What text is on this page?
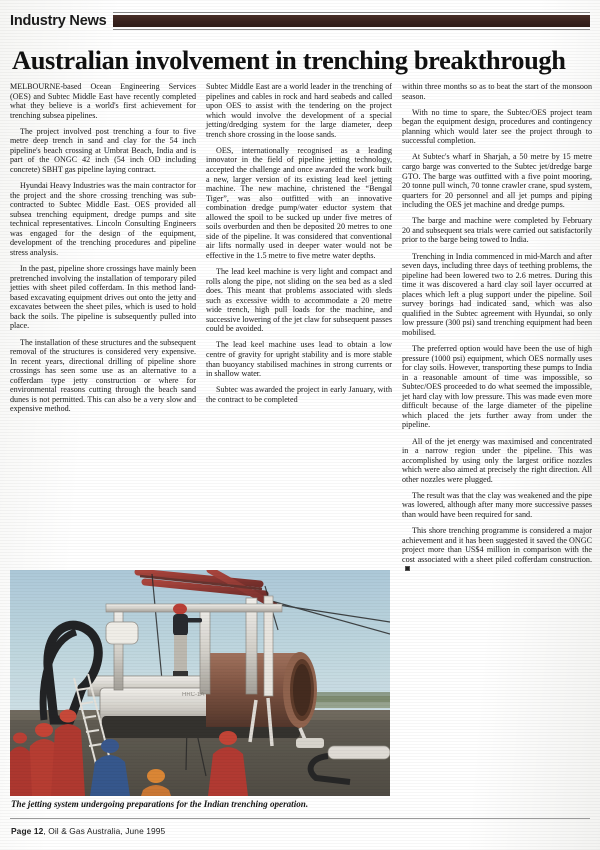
Industry News
Australian involvement in trenching breakthrough

MELBOURNE-based Ocean Engineering Services (OES) and Subtec Middle East have recently completed what they believe is a world's first achievement for trenching subsea pipelines.

The project involved post trenching a four to five metre deep trench in sand and clay for the 54 inch pipeline's beach crossing at Umbrat Beach, India and is part of the ONGC 42 inch (54 inch OD including concrete) SBHT gas pipeline laying contract.

Hyundai Heavy Industries was the main contractor for the project and the shore crossing trenching was sub-contracted to Subtec Middle East. OES provided all subsea trenching equipment, dredge pumps and site technical representatives. Lincoln Consulting Engineers was engaged for the design of the equipment, development of the trenching procedures and pipeline stress analysis.

In the past, pipeline shore crossings have mainly been pretrenched involving the installation of temporary piled jetties with sheet piled cofferdam. In this method land-based excavating equipment drives out onto the jetty and excavates between the sheet piles, which is used to hold back the soils. The pipeline is subsequently pulled into place.

The installation of these structures and the subsequent removal of the structures is considered very expensive. In recent years, directional drilling of pipeline shore crossings has seen some use as an alternative to a cofferdam type jetty construction or where for environmental reasons cutting through the beach sand dunes is not permitted. This can also be a very slow and expensive method.

Subtec Middle East are a world leader in the trenching of pipelines and cables in rock and hard seabeds and called upon OES to assist with the tendering on the project which would involve the development of a special jetting/dredging system for the large diameter, deep trench shore crossing in the loose sands.

OES, internationally recognised as a leading innovator in the field of pipeline jetting technology, accepted the challenge and once awarded the work built a new, larger version of its existing lead keel jetting machine. The new machine, christened the “Bengal Tiger”, was also outfitted with an innovative combination dredge pump/water eductor system that allowed the spoil to be sucked up under five metres of soils overburden and then be deposited 20 metres to one side of the pipeline. It was considered that conventional air lifts normally used in deeper water would not be effective in the 1.5 metre to five metre water depths.

The lead keel machine is very light and compact and rolls along the pipe, not sliding on the sea bed as a sled does. This meant that problems associated with sleds such as excessive width to accommodate a 20 metre wide trench, high pull loads for the machine, and successive lowering of the jet claw for subsequent passes could be avoided.

The lead keel machine uses lead to obtain a low centre of gravity for upright stability and is more stable than buoyancy stabilised machines in strong currents or in shallow water.

Subtec was awarded the project in early January, with the contract to be completed

within three months so as to beat the start of the monsoon season.

With no time to spare, the Subtec/OES project team began the equipment design, procedures and contingency planning which would later see the project through to successful completion.

At Subtec's wharf in Sharjah, a 50 metre by 15 metre cargo barge was converted to the Subtec jet/dredge barge GTO. The barge was outfitted with a five point mooring, 20 tonne pull winch, 70 tonne crawler crane, spud system, quarters for 20 personnel and all jet pumps and piping including the OES jet machine and dredge pumps.

The barge and machine were completed by February 20 and subsequent sea trials were carried out satisfactorily prior to the barge being towed to India.

Trenching in India commenced in mid-March and after seven days, including three days of teething problems, the pipeline had been lowered two to 2.6 metres. During this time it was discovered a hard clay soil layer occurred at places which left a plug support under the pipeline. Soil survey borings had indicated sand, which was also qualified in the Subtec agreement with Hyundai, so only low pressure (300 psi) sand trenching equipment had been mobilised.

The preferred option would have been the use of high pressure (1000 psi) equipment, which OES normally uses for clay soils. However, transporting these pumps to India in a reasonable amount of time was impossible, so Subtec/OES proceeded to do what seemed the impossible, jet hard clay with low pressure. This was made even more difficult because of the large diameter of the pipeline which placed the jets further away from under the pipeline.

All of the jet energy was maximised and concentrated in a narrow region under the pipeline. This was accomplished by using only the largest orifice nozzles which were also aimed at precisely the right direction. All other nozzles were plugged.

The result was that the clay was weakened and the pipe was lowered, although after many more successive passes than would have been required for sand.

This shore trenching programme is considered a major achievement and it has been suggested it saved the ONGC project more than US$4 million in comparison with the cost associated with a sheet piled cofferdam construction.

HRC-1A
The jetting system undergoing preparations for the Indian trenching operation.
Page 12, Oil & Gas Australia, June 1995
